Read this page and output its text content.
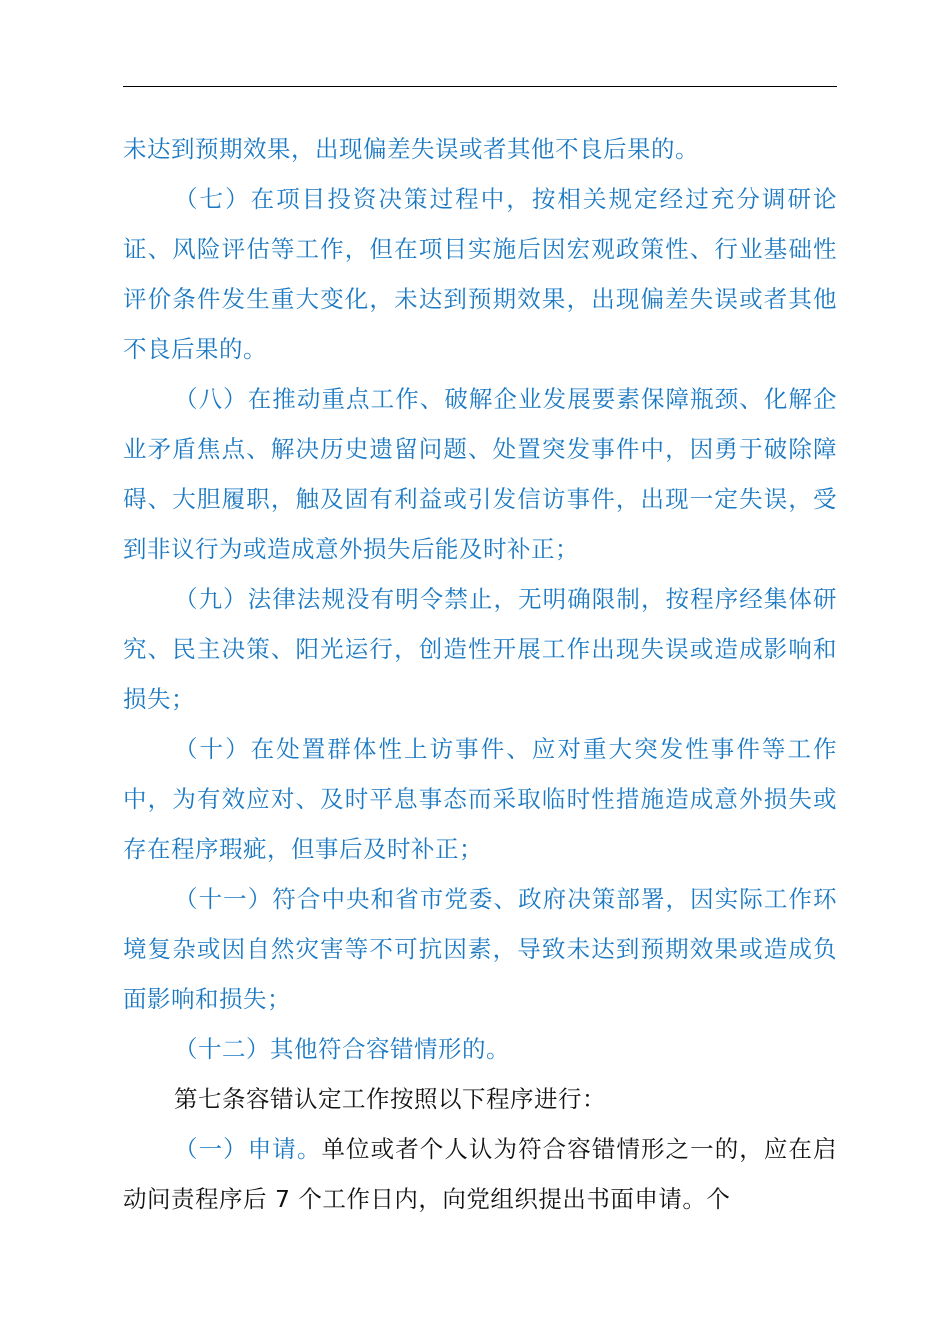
未达到预期效果，出现偏差失误或者其他不良后果的。

（七）在项目投资决策过程中，按相关规定经过充分调研论证、风险评估等工作，但在项目实施后因宏观政策性、行业基础性评价条件发生重大变化，未达到预期效果，出现偏差失误或者其他不良后果的。

（八）在推动重点工作、破解企业发展要素保障瓶颈、化解企业矛盾焦点、解决历史遗留问题、处置突发事件中，因勇于破除障碍、大胆履职，触及固有利益或引发信访事件，出现一定失误，受到非议行为或造成意外损失后能及时补正；

（九）法律法规没有明令禁止，无明确限制，按程序经集体研究、民主决策、阳光运行，创造性开展工作出现失误或造成影响和损失；

（十）在处置群体性上访事件、应对重大突发性事件等工作中，为有效应对、及时平息事态而采取临时性措施造成意外损失或存在程序瑕疵，但事后及时补正；

（十一）符合中央和省市党委、政府决策部署，因实际工作环境复杂或因自然灾害等不可抗因素，导致未达到预期效果或造成负面影响和损失；

（十二）其他符合容错情形的。

第七条容错认定工作按照以下程序进行：

（一）申请。单位或者个人认为符合容错情形之一的，应在启动问责程序后 7 个工作日内，向党组织提出书面申请。个
